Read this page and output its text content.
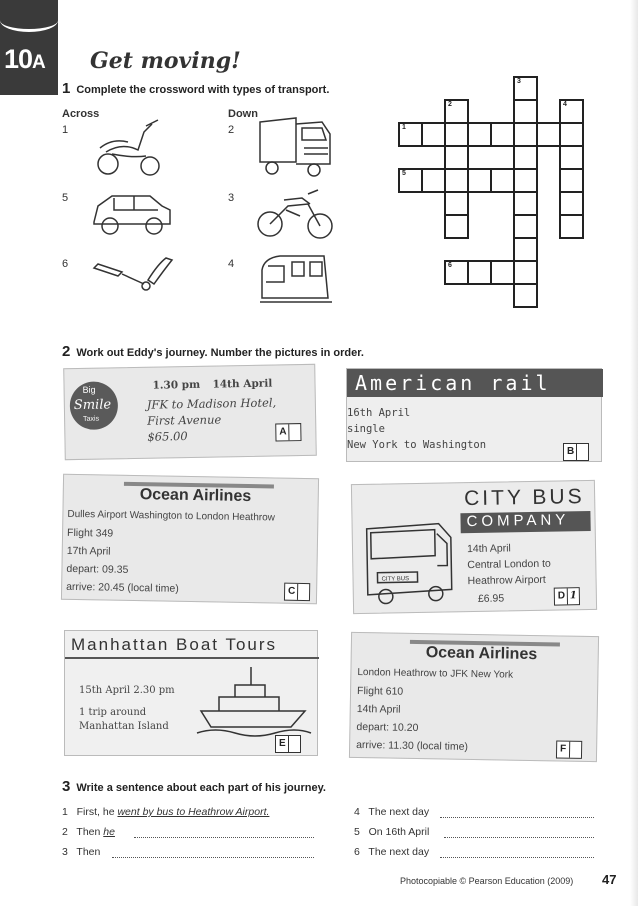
10A Get moving!
1 Complete the crossword with types of transport.
Across	Down
1
5
6
2
3
4
3
2	4
1
5
6
2 Work out Eddy's journey. Number the pictures in order.
Big
Smile
Taxis
1.30 pm 14th April
JFK to Madison Hotel,
First Avenue
$65.00	A
American rail
16th April
single
New York to Washington
B
Ocean Airlines
Dulles Airport Washington to London Heathrow
Flight 349
17th April
depart: 09.35
arrive: 20.45 (local time)	C
CITY BUS
COMPANY
CITY BUS
14th April
Central London to
Heathrow Airport
£6.95	D 1
Manhattan Boat Tours
15th April 2.30 pm
1 trip around
Manhattan Island
E
Ocean Airlines
London Heathrow to JFK New York
Flight 610
14th April
depart: 10.20
arrive: 11.30 (local time)	F
3 Write a sentence about each part of his journey.
1 First, he went by bus to Heathrow Airport.
2 Then he
3 Then
4 The next day
5 On 16th April
6 The next day
Photocopiable © Pearson Education (2009) 47
